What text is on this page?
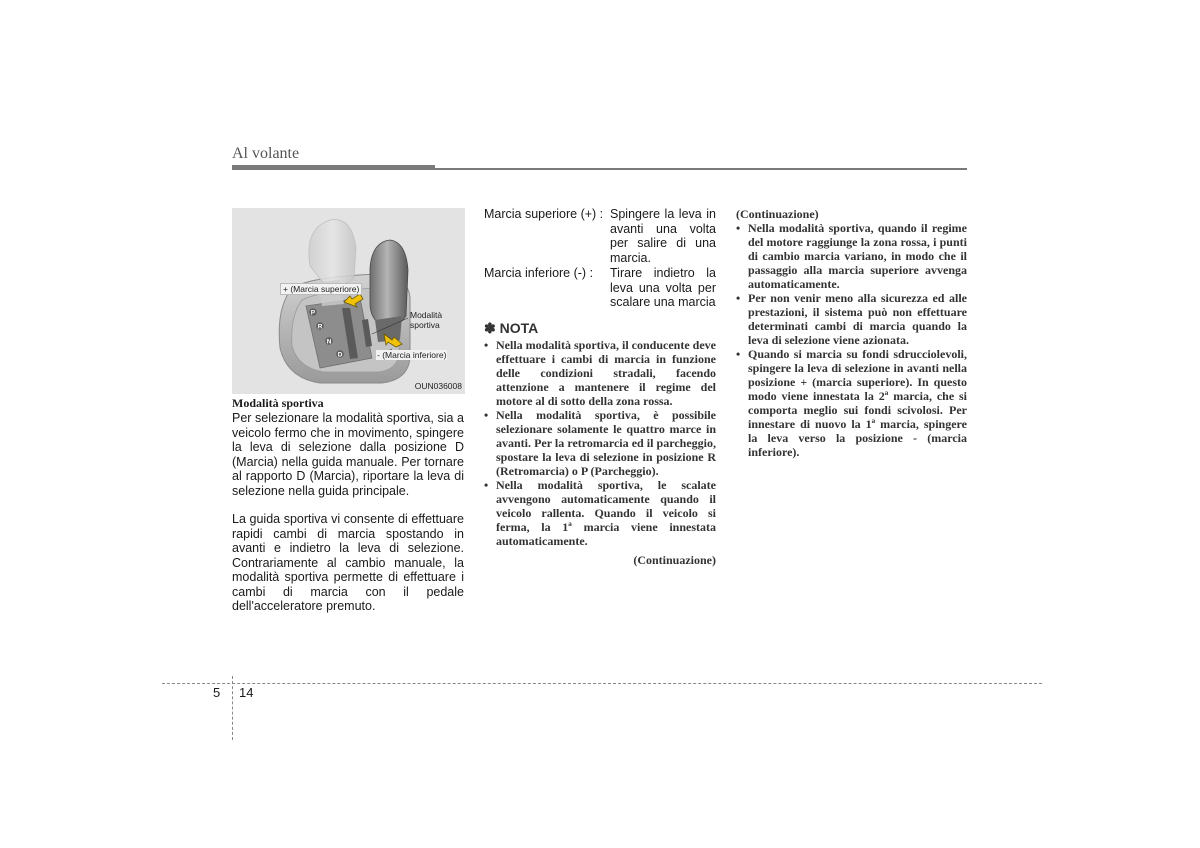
Al volante
P
R
N
D
+ (Marcia superiore)
Modalità
sportiva
- (Marcia inferiore)
OUN036008

Modalità sportiva

Per selezionare la modalità sportiva, sia a veicolo fermo che in movimento, spingere la leva di selezione dalla posizione D (Marcia) nella guida manuale. Per tornare al rapporto D (Marcia), riportare la leva di selezione nella guida principale.

La guida sportiva vi consente di effettuare rapidi cambi di marcia spostando in avanti e indietro la leva di selezione. Contrariamente al cambio manuale, la modalità sportiva permette di effettuare i cambi di marcia con il pedale dell'acceleratore premuto.

Marcia superiore (+) : Spingere la leva in avanti una volta per salire di una marcia.
Marcia inferiore (-) :	Tirare indietro la leva una volta per scalare una marcia
✽ NOTA
• Nella modalità sportiva, il conducente deve effettuare i cambi di marcia in funzione delle condizioni stradali, facendo attenzione a mantenere il regime del motore al di sotto della zona rossa.
• Nella modalità sportiva, è possibile selezionare solamente le quattro marce in avanti. Per la retromarcia ed il parcheggio, spostare la leva di selezione in posizione R (Retromarcia) o P (Parcheggio).
• Nella modalità sportiva, le scalate avvengono automaticamente quando il veicolo rallenta. Quando il veicolo si ferma, la 1ª marcia viene innestata automaticamente.
(Continuazione)
(Continuazione)
• Nella modalità sportiva, quando il regime del motore raggiunge la zona rossa, i punti di cambio marcia variano, in modo che il passaggio alla marcia superiore avvenga automaticamente.
• Per non venir meno alla sicurezza ed alle prestazioni, il sistema può non effettuare determinati cambi di marcia quando la leva di selezione viene azionata.
• Quando si marcia su fondi sdrucciolevoli, spingere la leva di selezione in avanti nella posizione + (marcia superiore). In questo modo viene innestata la 2ª marcia, che si comporta meglio sui fondi scivolosi. Per innestare di nuovo la 1ª marcia, spingere la leva verso la posizione - (marcia inferiore).
5 14
